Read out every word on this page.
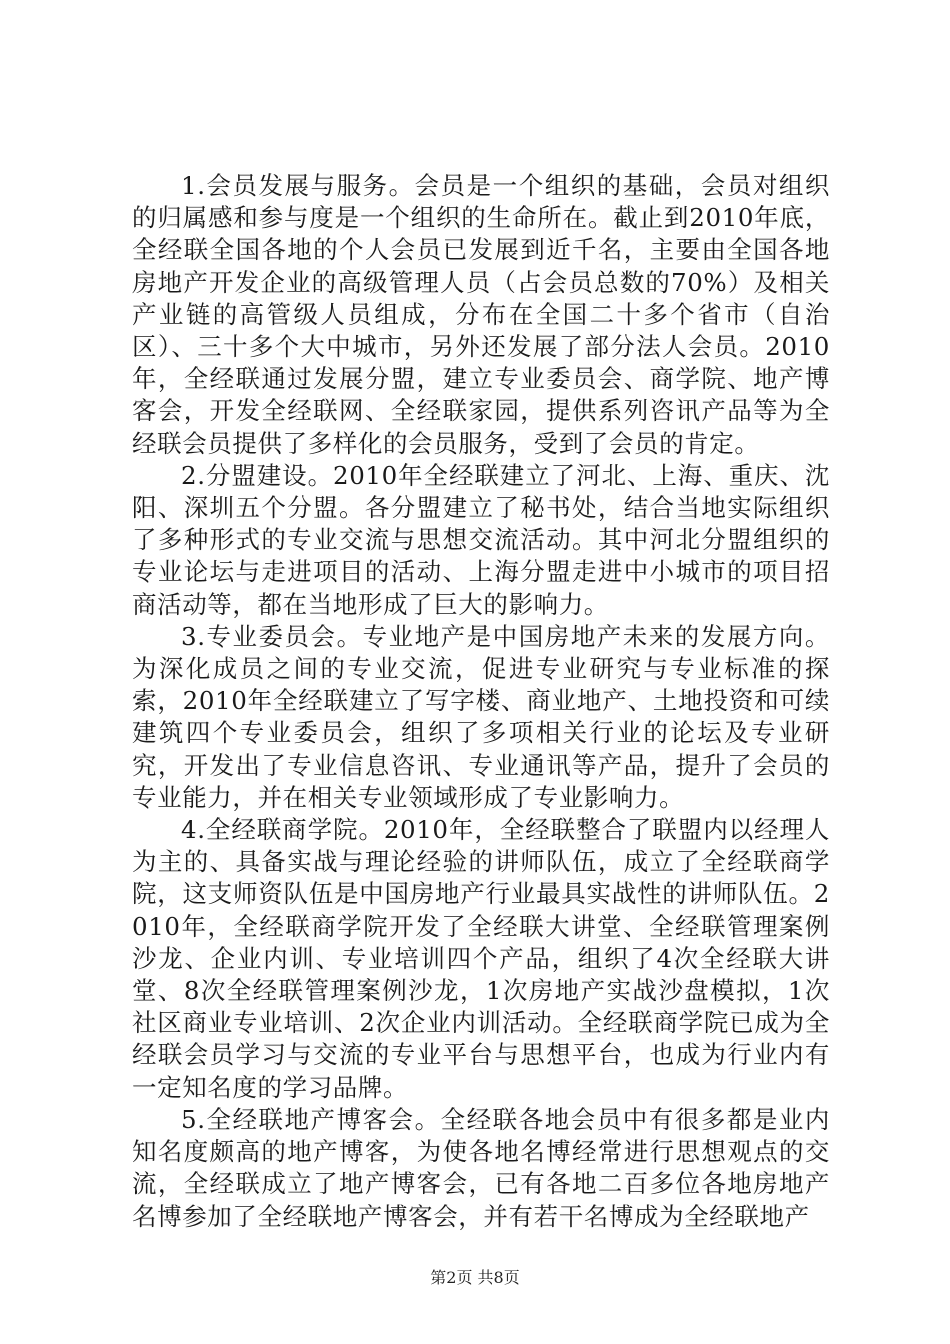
1.会员发展与服务。会员是一个组织的基础，会员对组织的归属感和参与度是一个组织的生命所在。截止到2010年底，全经联全国各地的个人会员已发展到近千名，主要由全国各地房地产开发企业的高级管理人员（占会员总数的70%）及相关产业链的高管级人员组成，分布在全国二十多个省市（自治区）、三十多个大中城市，另外还发展了部分法人会员。2010年，全经联通过发展分盟，建立专业委员会、商学院、地产博客会，开发全经联网、全经联家园，提供系列咨讯产品等为全经联会员提供了多样化的会员服务，受到了会员的肯定。

2.分盟建设。2010年全经联建立了河北、上海、重庆、沈阳、深圳五个分盟。各分盟建立了秘书处，结合当地实际组织了多种形式的专业交流与思想交流活动。其中河北分盟组织的专业论坛与走进项目的活动、上海分盟走进中小城市的项目招商活动等，都在当地形成了巨大的影响力。

3.专业委员会。专业地产是中国房地产未来的发展方向。为深化成员之间的专业交流，促进专业研究与专业标准的探索，2010年全经联建立了写字楼、商业地产、土地投资和可续建筑四个专业委员会，组织了多项相关行业的论坛及专业研究，开发出了专业信息咨讯、专业通讯等产品，提升了会员的专业能力，并在相关专业领域形成了专业影响力。

4.全经联商学院。2010年，全经联整合了联盟内以经理人为主的、具备实战与理论经验的讲师队伍，成立了全经联商学院，这支师资队伍是中国房地产行业最具实战性的讲师队伍。2010年，全经联商学院开发了全经联大讲堂、全经联管理案例沙龙、企业内训、专业培训四个产品，组织了4次全经联大讲堂、8次全经联管理案例沙龙，1次房地产实战沙盘模拟，1次社区商业专业培训、2次企业内训活动。全经联商学院已成为全经联会员学习与交流的专业平台与思想平台，也成为行业内有一定知名度的学习品牌。

5.全经联地产博客会。全经联各地会员中有很多都是业内知名度颇高的地产博客，为使各地名博经常进行思想观点的交流，全经联成立了地产博客会，已有各地二百多位各地房地产名博参加了全经联地产博客会，并有若干名博成为全经联地产

第2页 共8页
